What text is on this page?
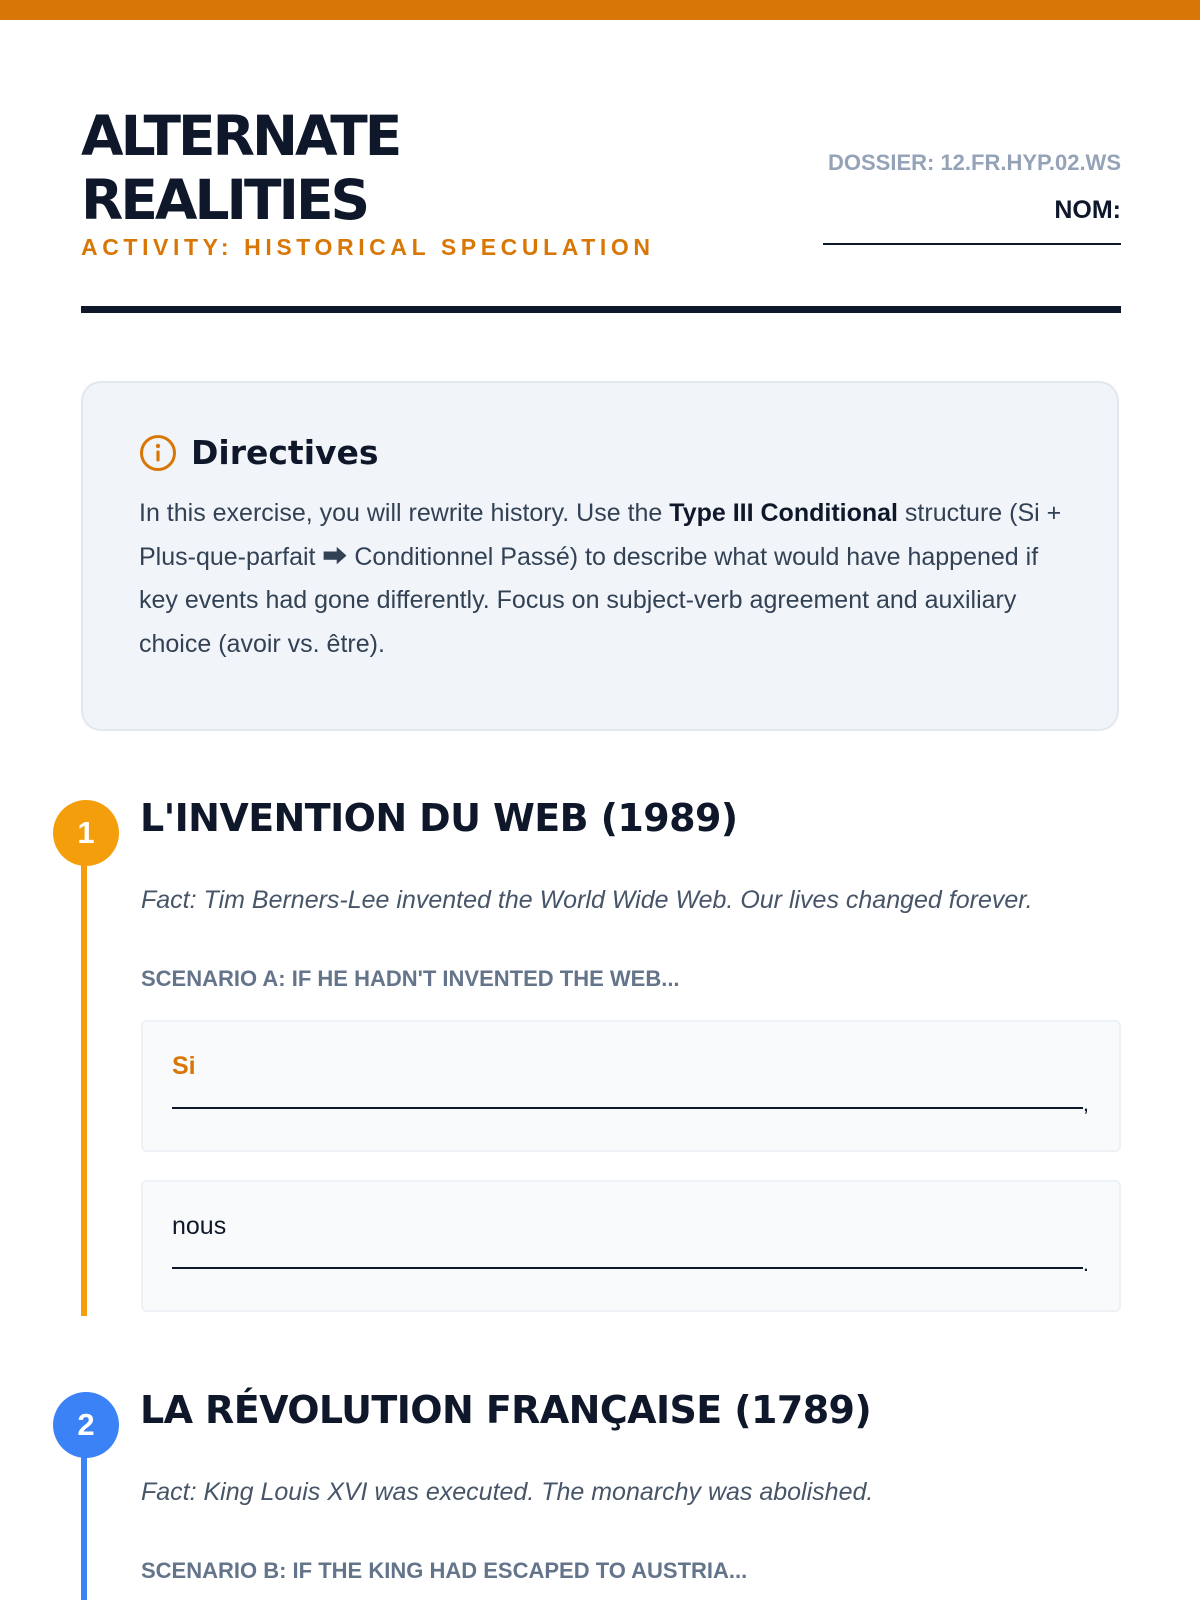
ALTERNATE
REALITIES
ACTIVITY: HISTORICAL SPECULATION
DOSSIER: 12.FR.HYP.02.WS
NOM:
Directives
In this exercise, you will rewrite history. Use the Type III Conditional structure (Si + Plus-que-parfait ⮕ Conditionnel Passé) to describe what would have happened if key events had gone differently. Focus on subject-verb agreement and auxiliary choice (avoir vs. être).
1	L'INVENTION DU WEB (1989)
Fact: Tim Berners-Lee invented the World Wide Web. Our lives changed forever.
SCENARIO A: IF HE HADN'T INVENTED THE WEB...
Si
,
nous
.
2	LA RÉVOLUTION FRANÇAISE (1789)
Fact: King Louis XVI was executed. The monarchy was abolished.
SCENARIO B: IF THE KING HAD ESCAPED TO AUSTRIA...
